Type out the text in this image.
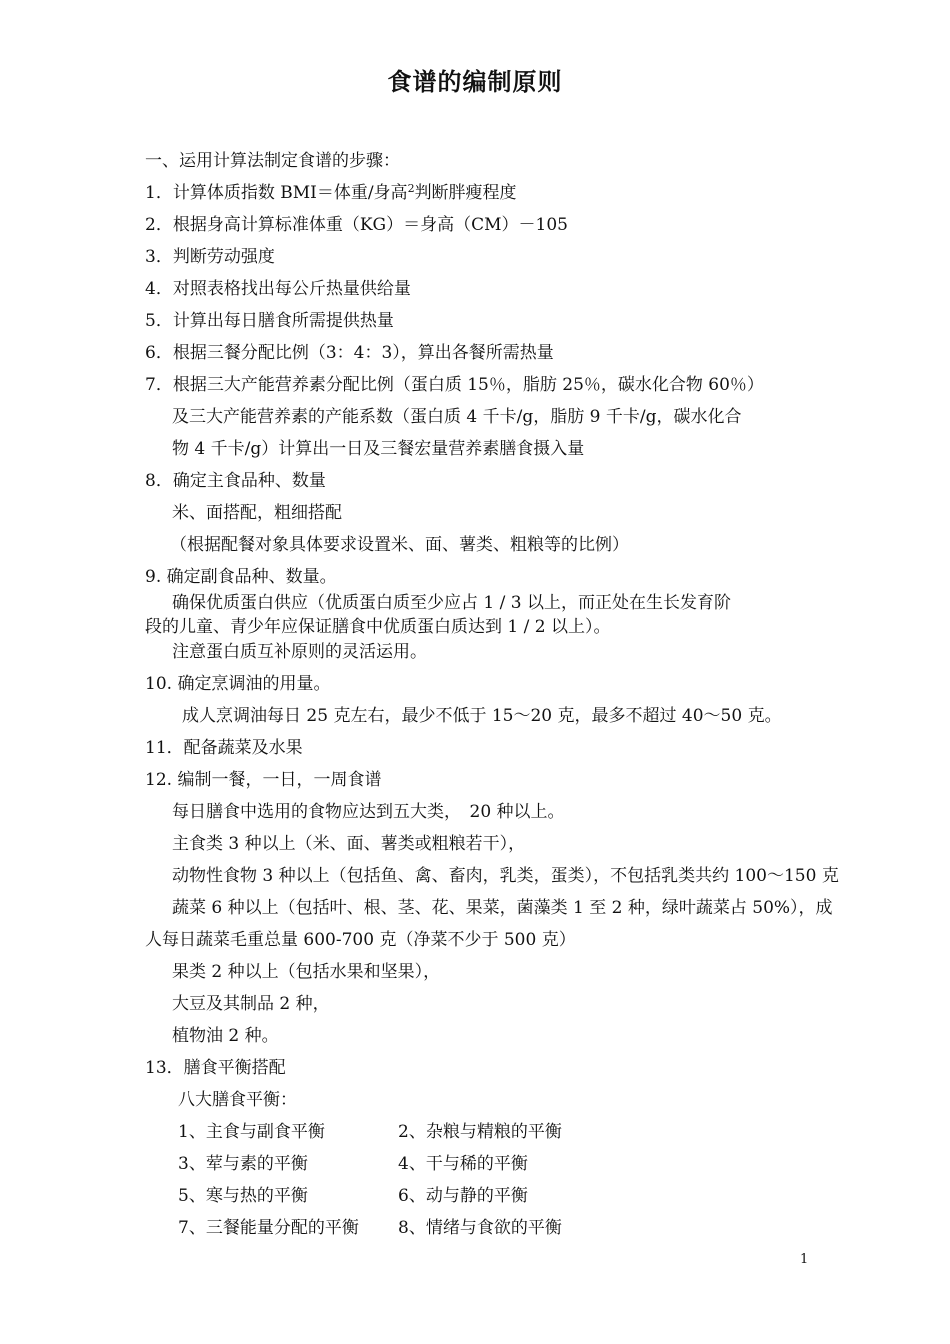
食谱的编制原则
一、运用计算法制定食谱的步骤：
1．计算体质指数 BMI＝体重/身高$^2$判断胖瘦程度
2．根据身高计算标准体重（KG）＝身高（CM）－105
3．判断劳动强度
4．对照表格找出每公斤热量供给量
5．计算出每日膳食所需提供热量
6．根据三餐分配比例（3：4：3），算出各餐所需热量
7．根据三大产能营养素分配比例（蛋白质 15％，脂肪 25％，碳水化合物 60％）
及三大产能营养素的产能系数（蛋白质 4 千卡/g，脂肪 9 千卡/g，碳水化合
物 4 千卡/g）计算出一日及三餐宏量营养素膳食摄入量
8．确定主食品种、数量
米、面搭配，粗细搭配
（根据配餐对象具体要求设置米、面、薯类、粗粮等的比例）
9. 确定副食品种、数量。
确保优质蛋白供应（优质蛋白质至少应占 1 / 3 以上，而正处在生长发育阶
段的儿童、青少年应保证膳食中优质蛋白质达到 1 / 2 以上）。
注意蛋白质互补原则的灵活运用。
10. 确定烹调油的用量。
成人烹调油每日 25 克左右，最少不低于 15～20 克，最多不超过 40～50 克。
11．配备蔬菜及水果
12. 编制一餐，一日，一周食谱
每日膳食中选用的食物应达到五大类，　20 种以上。
主食类 3 种以上（米、面、薯类或粗粮若干），
动物性食物 3 种以上（包括鱼、禽、畜肉，乳类，蛋类），不包括乳类共约 100～150 克
蔬菜 6 种以上（包括叶、根、茎、花、果菜，菌藻类 1 至 2 种，绿叶蔬菜占 50%），成
人每日蔬菜毛重总量 600-700 克（净菜不少于 500 克）
果类 2 种以上（包括水果和坚果），
大豆及其制品 2 种，
植物油 2 种。
13．膳食平衡搭配
八大膳食平衡：
1、主食与副食平衡	2、杂粮与精粮的平衡
3、荤与素的平衡	4、干与稀的平衡
5、寒与热的平衡	6、动与静的平衡
7、三餐能量分配的平衡 8、情绪与食欲的平衡
1
